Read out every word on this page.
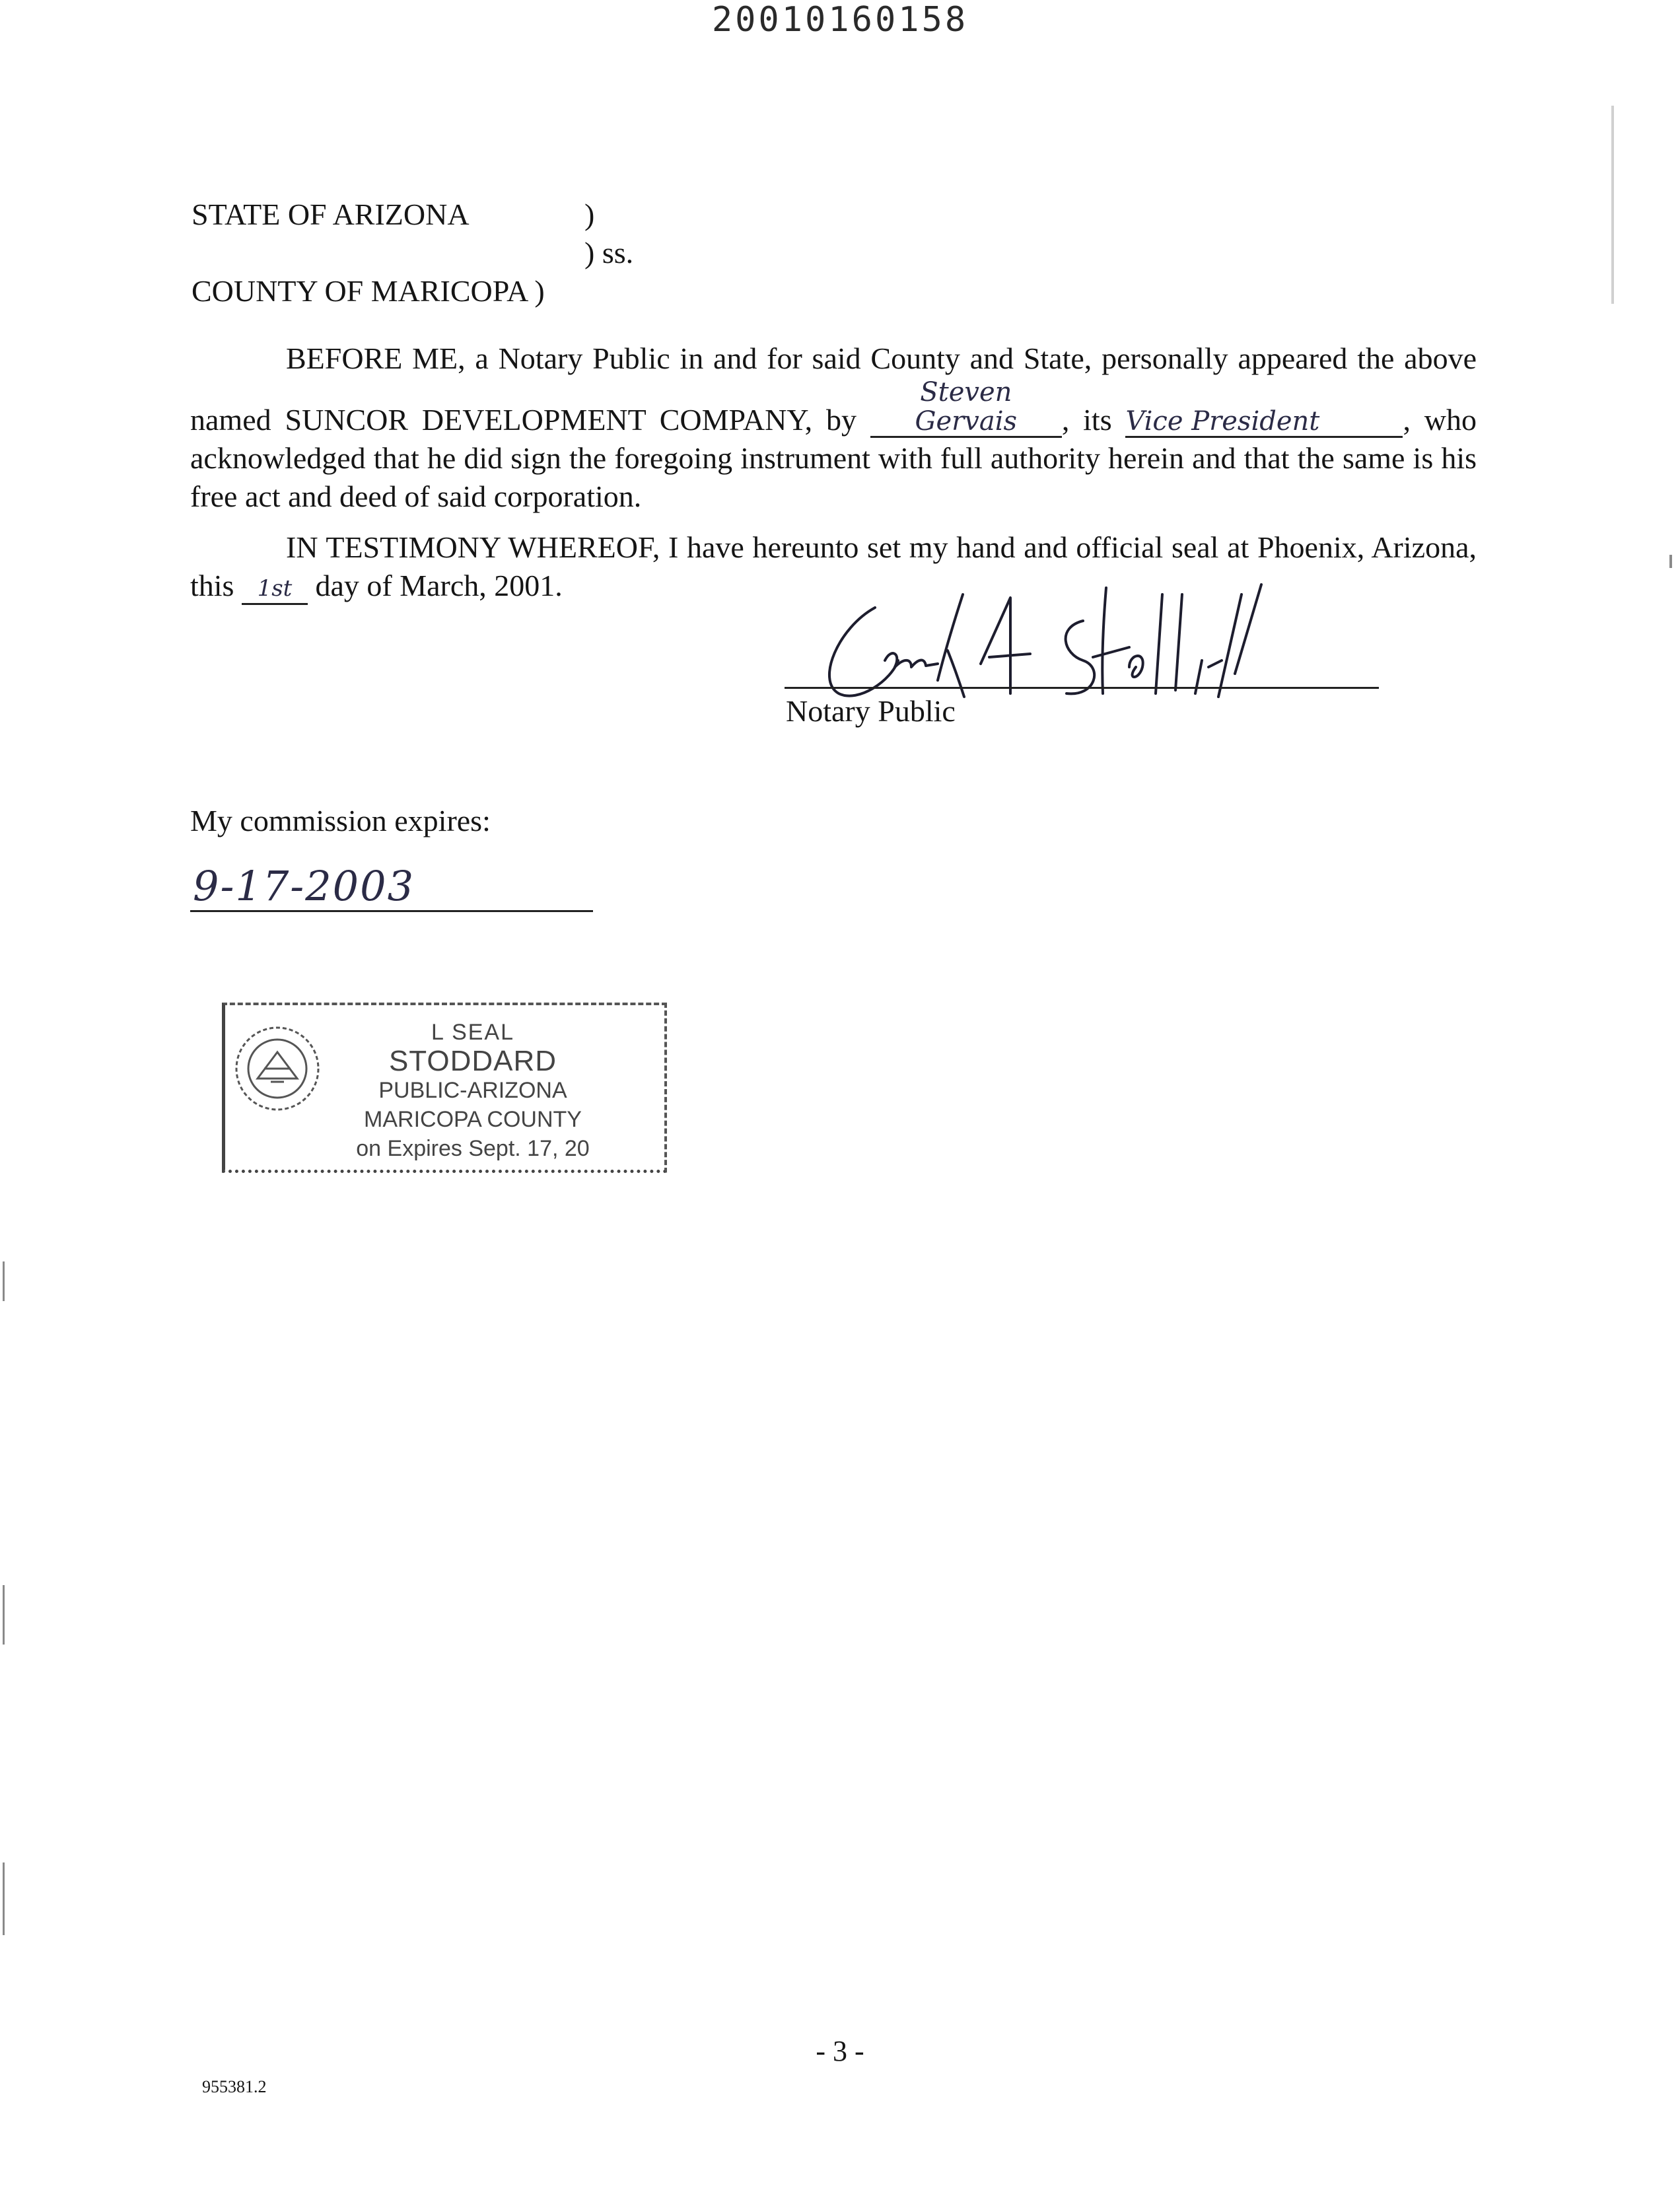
20010160158
STATE OF ARIZONA	)
) ss.
COUNTY OF MARICOPA )
BEFORE ME, a Notary Public in and for said County and State, personally appeared the above named SUNCOR DEVELOPMENT COMPANY, by Steven Gervais , its Vice President	, who acknowledged that he did sign the foregoing instrument with full authority herein and that the same is his free act and deed of said corporation.
IN TESTIMONY WHEREOF, I have hereunto set my hand and official seal at Phoenix, Arizona, this 1st day of March, 2001.
Notary Public
My commission expires:
9-17-2003
L SEAL
STODDARD
PUBLIC-ARIZONA
MARICOPA COUNTY
on Expires Sept. 17, 20
- 3 -
955381.2
